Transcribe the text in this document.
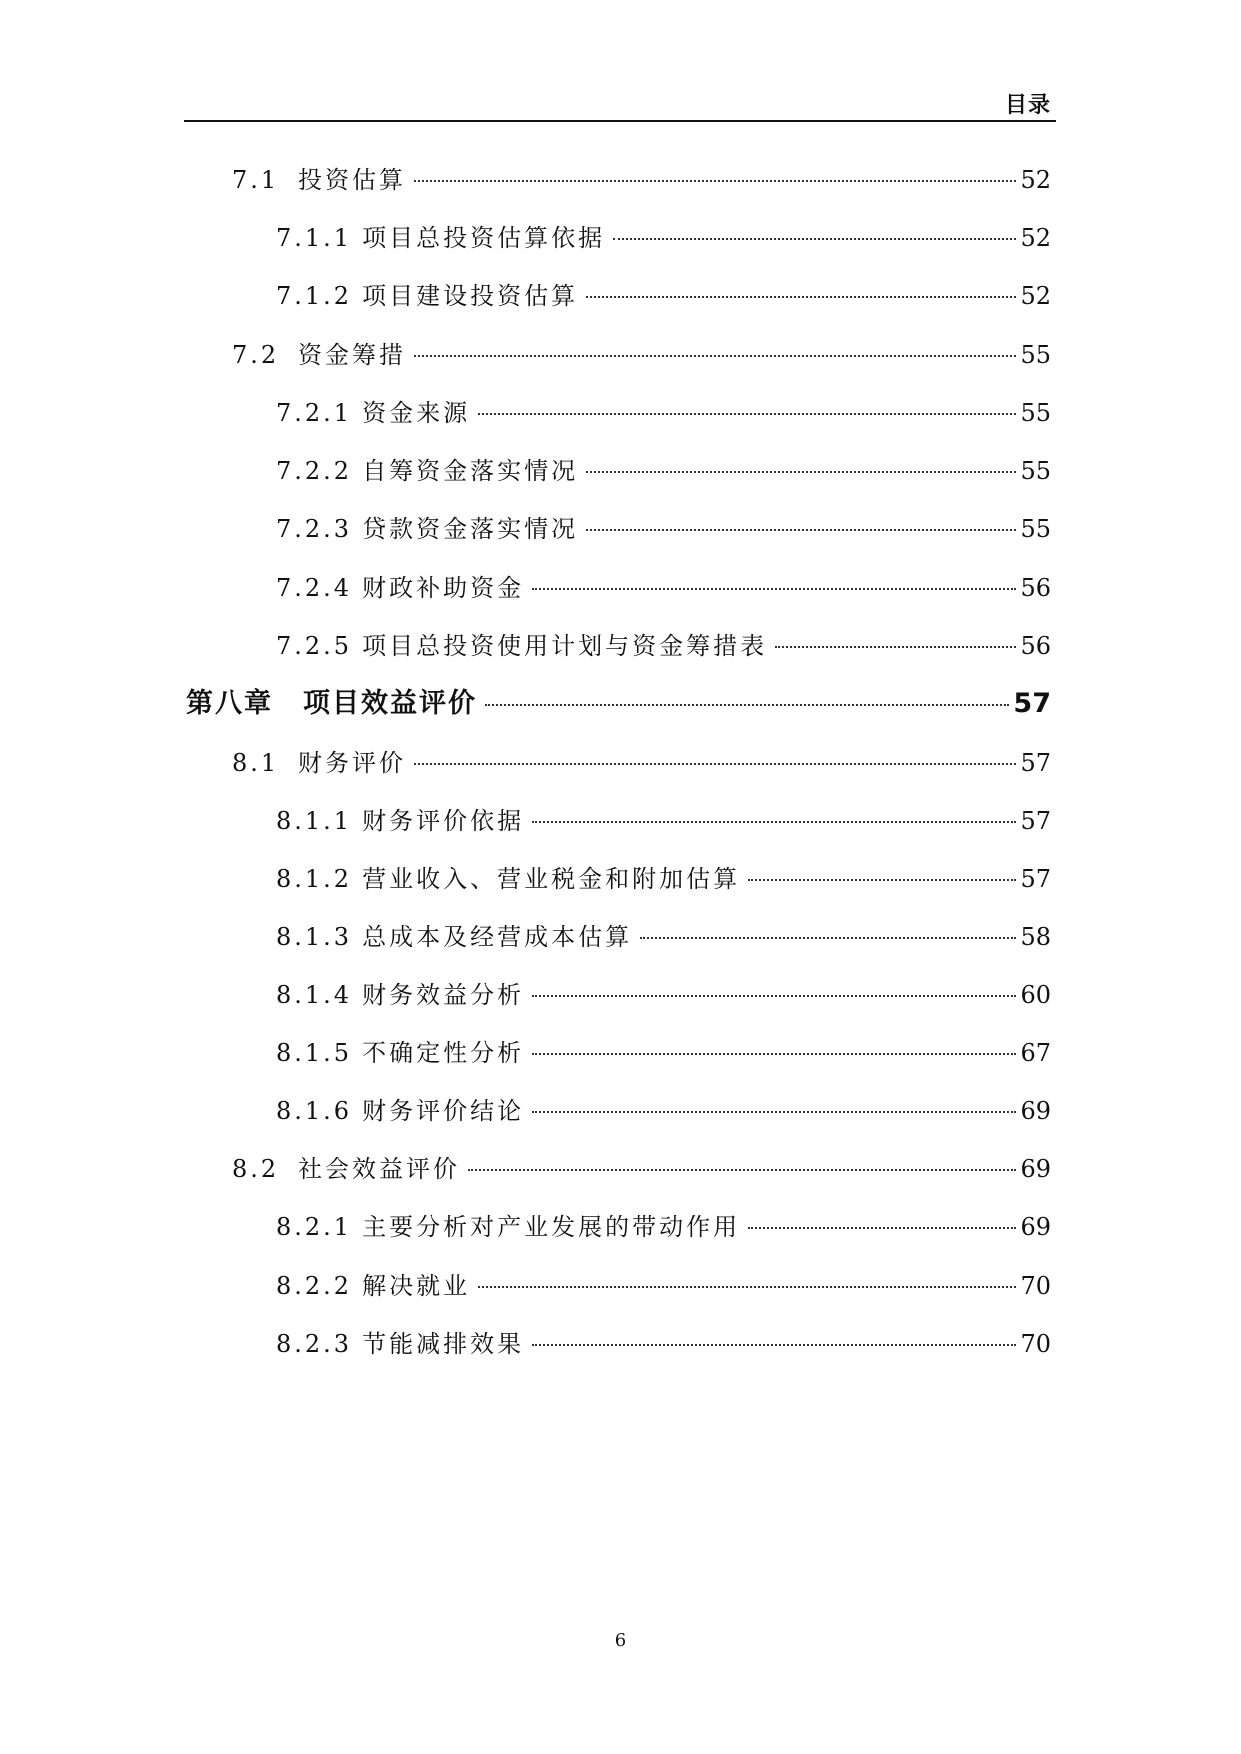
目录
7.1 投资估算	52
7.1.1 项目总投资估算依据	52
7.1.2 项目建设投资估算	52
7.2 资金筹措	55
7.2.1 资金来源	55
7.2.2 自筹资金落实情况	55
7.2.3 贷款资金落实情况	55
7.2.4 财政补助资金	56
7.2.5 项目总投资使用计划与资金筹措表	56
第八章 项目效益评价	57
8.1 财务评价	57
8.1.1 财务评价依据	57
8.1.2 营业收入、营业税金和附加估算	57
8.1.3 总成本及经营成本估算	58
8.1.4 财务效益分析	60
8.1.5 不确定性分析	67
8.1.6 财务评价结论	69
8.2 社会效益评价	69
8.2.1 主要分析对产业发展的带动作用	69
8.2.2 解决就业	70
8.2.3 节能减排效果	70
6
